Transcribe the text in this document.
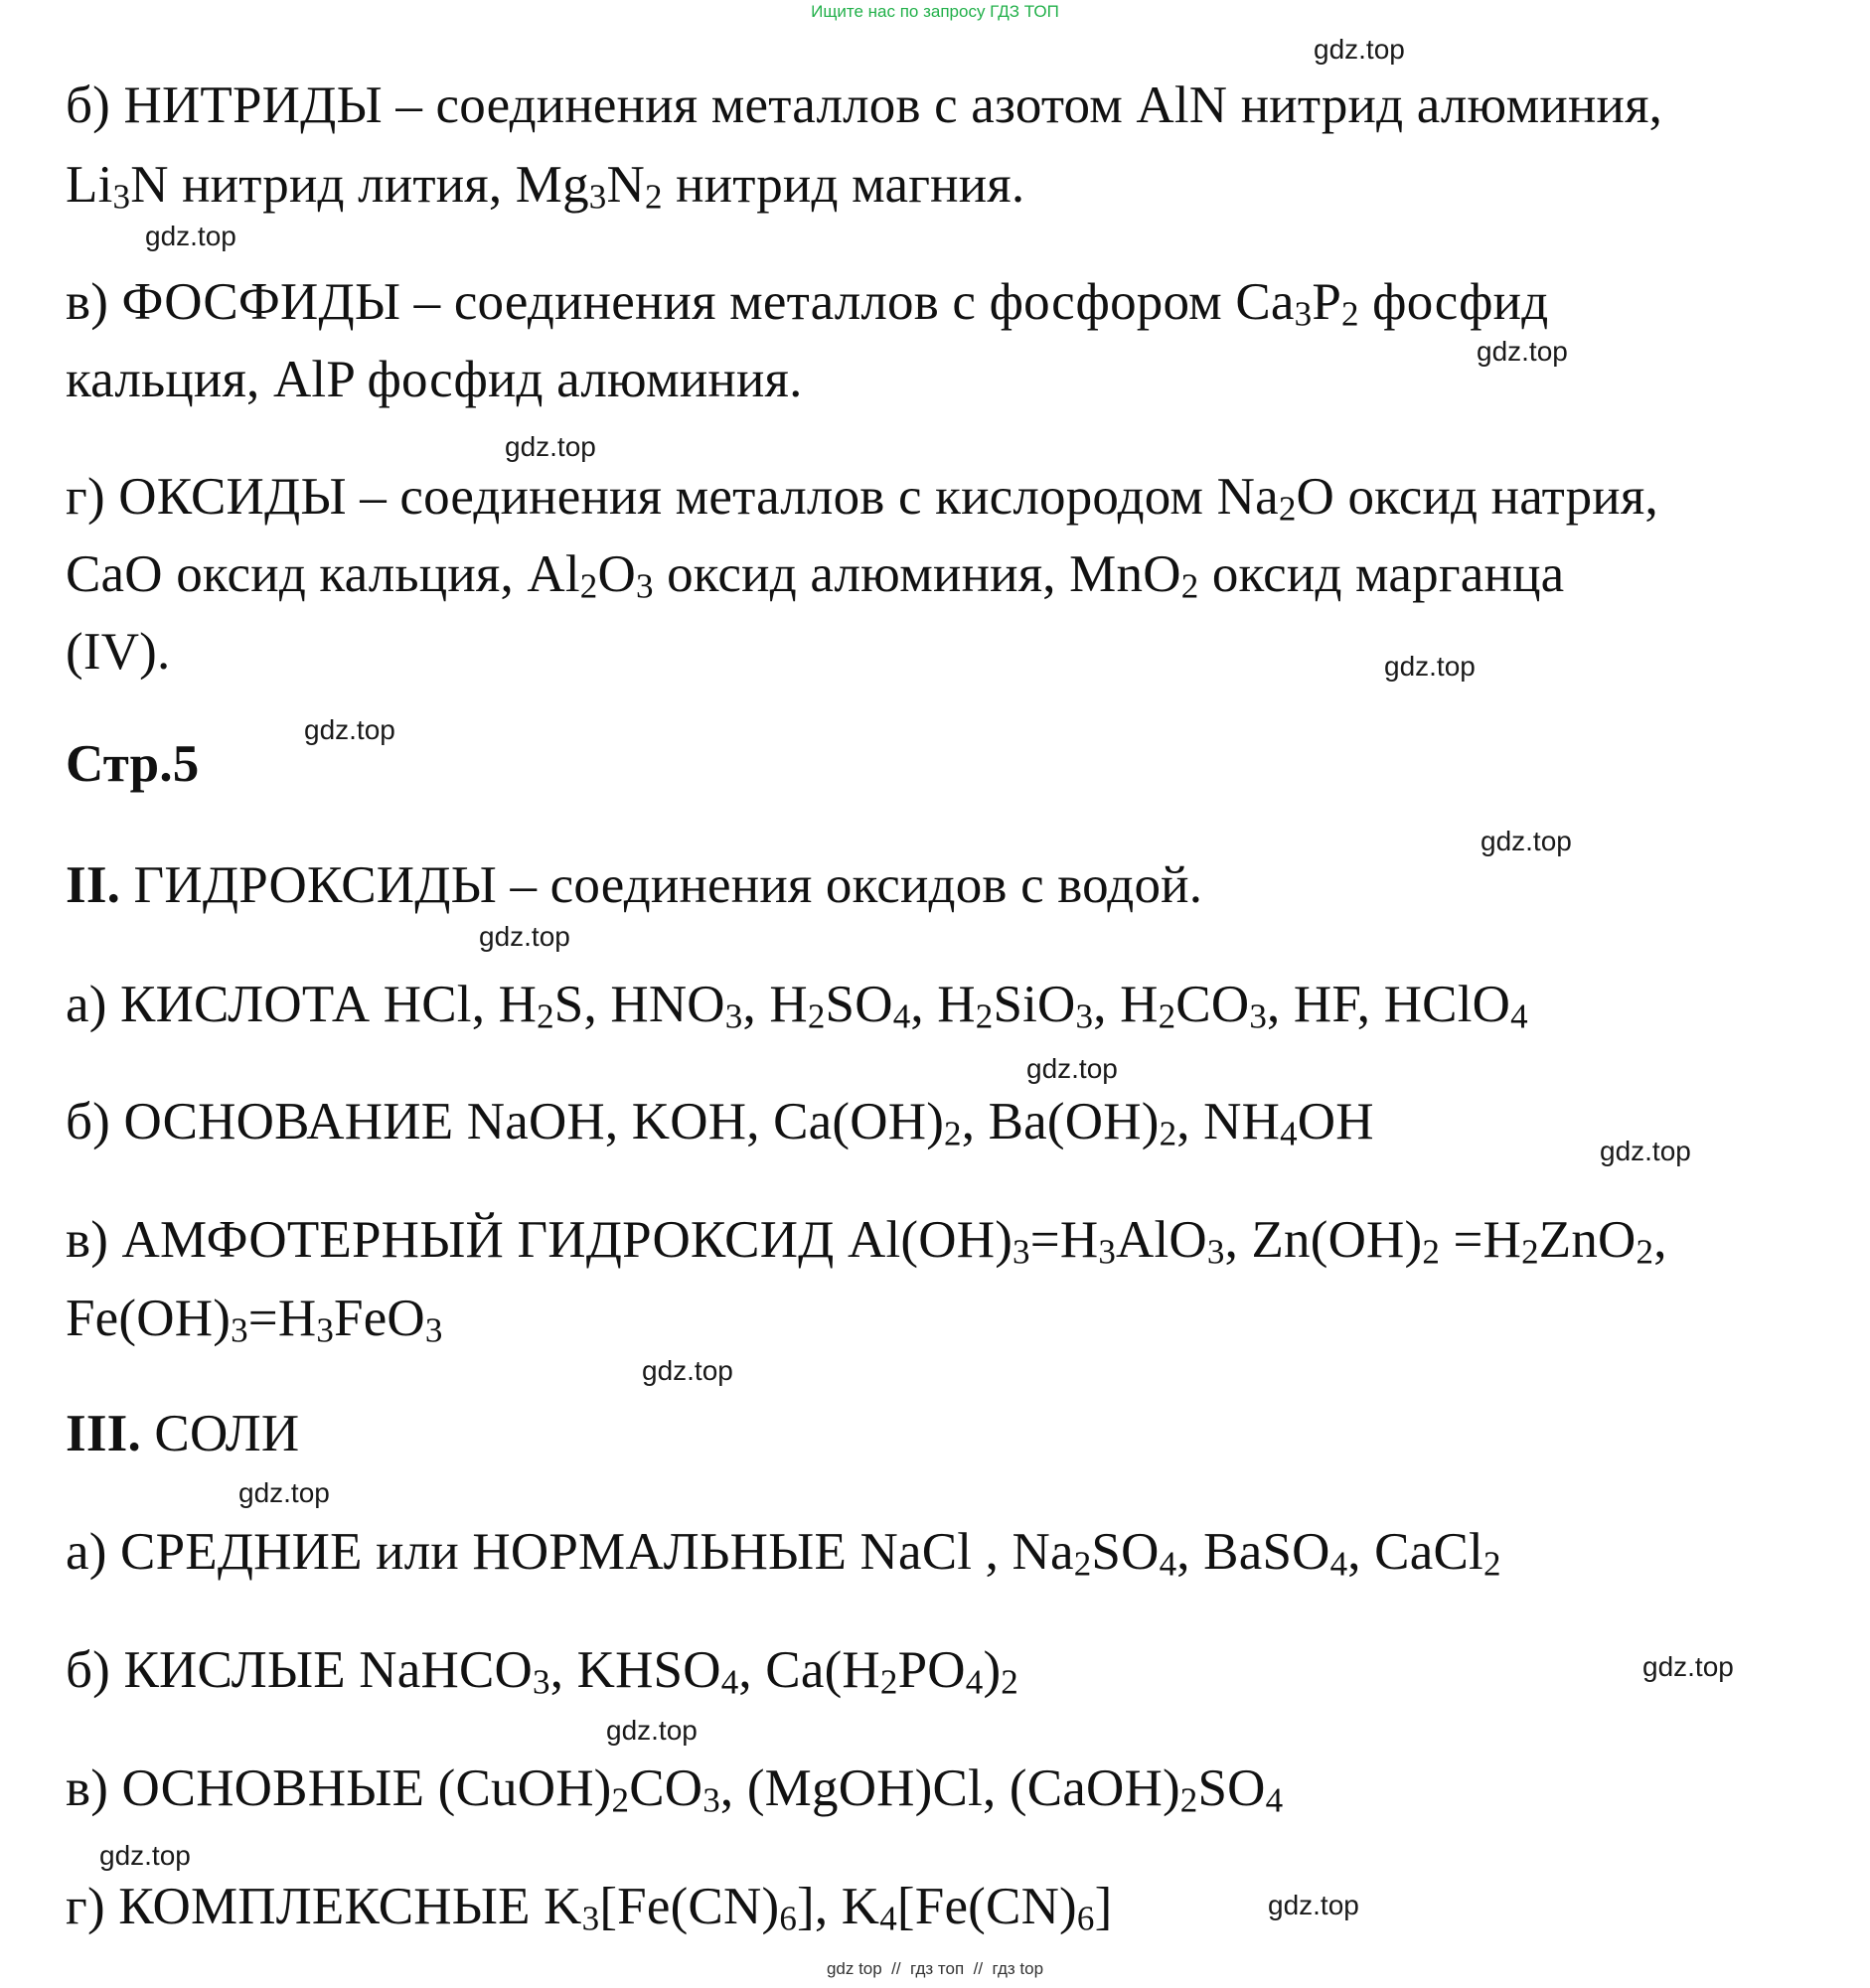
Ищите нас по запросу ГДЗ ТОП
б) НИТРИДЫ – соединения металлов с азотом AlN нитрид алюминия,
$Li_3N$ нитрид лития, $Mg_3N_2$ нитрид магния.
в) ФОСФИДЫ – соединения металлов с фосфором $Ca_3P_2$ фосфид
кальция, AlP фосфид алюминия.
г) ОКСИДЫ – соединения металлов с кислородом $Na_2O$ оксид натрия,
CaO оксид кальция, $Al_2O_3$ оксид алюминия, MnO$_2$ оксид марганца
(IV).
Стр.5
II. ГИДРОКСИДЫ – соединения оксидов с водой.
а) КИСЛОТА HCl, $H_2S$, $HNO_3$, $H_2SO_4$, $H_2SiO_3$, $H_2CO_3$, HF, HClO$_4$
б) ОСНОВАНИЕ NaOH, KOH, $Ca(OH)_2$, $Ba(OH)_2$, $NH_4OH$
в) АМФОТЕРНЫЙ ГИДРОКСИД $Al(OH)_3=H_3AlO_3$, $Zn(OH)_2 =H_2ZnO_2$,
$Fe(OH)_3=H_3FeO_3$
III. СОЛИ
а) СРЕДНИЕ или НОРМАЛЬНЫЕ NaCl , $Na_2SO_4$, BaSO$_4$, CaCl$_2$
б) КИСЛЫЕ NaHCO$_3$, $KHSO_4$, $Ca(H_2PO_4)_2$
в) ОСНОВНЫЕ $(CuOH)_2CO_3$, (MgOH)Cl, $(CaOH)_2SO_4$
г) КОМПЛЕКСНЫЕ $K_3[Fe(CN)_6]$, $K_4[Fe(CN)_6]$
gdz.top
gdz.top
gdz.top
gdz.top
gdz.top
gdz.top
gdz.top
gdz.top
gdz.top
gdz.top
gdz.top
gdz.top
gdz.top
gdz.top
gdz.top
gdz.top
gdz top  //  гдз топ  //  гдз top
